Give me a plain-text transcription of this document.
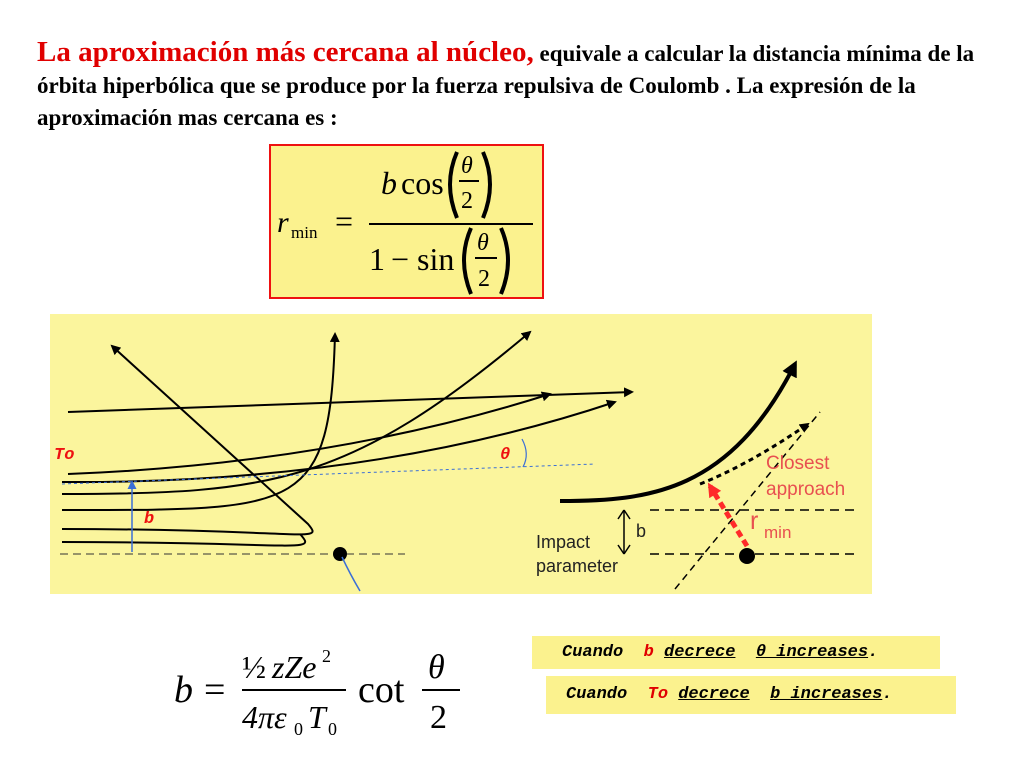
La aproximación más cercana al núcleo, equivale a calcular la distancia mínima de la órbita hiperbólica que se produce por la fuerza repulsiva de Coulomb . La expresión de la aproximación mas cercana es :
r min =
b cos θ
2
1 − sin θ
2
Closest
approach
r min
b
Impact
parameter
To
b
θ
b =
½ zZe 2
4πε 0 T 0
cot
θ
2
Cuando  b decrece θ increases.
Cuando  To decrece b increases.
